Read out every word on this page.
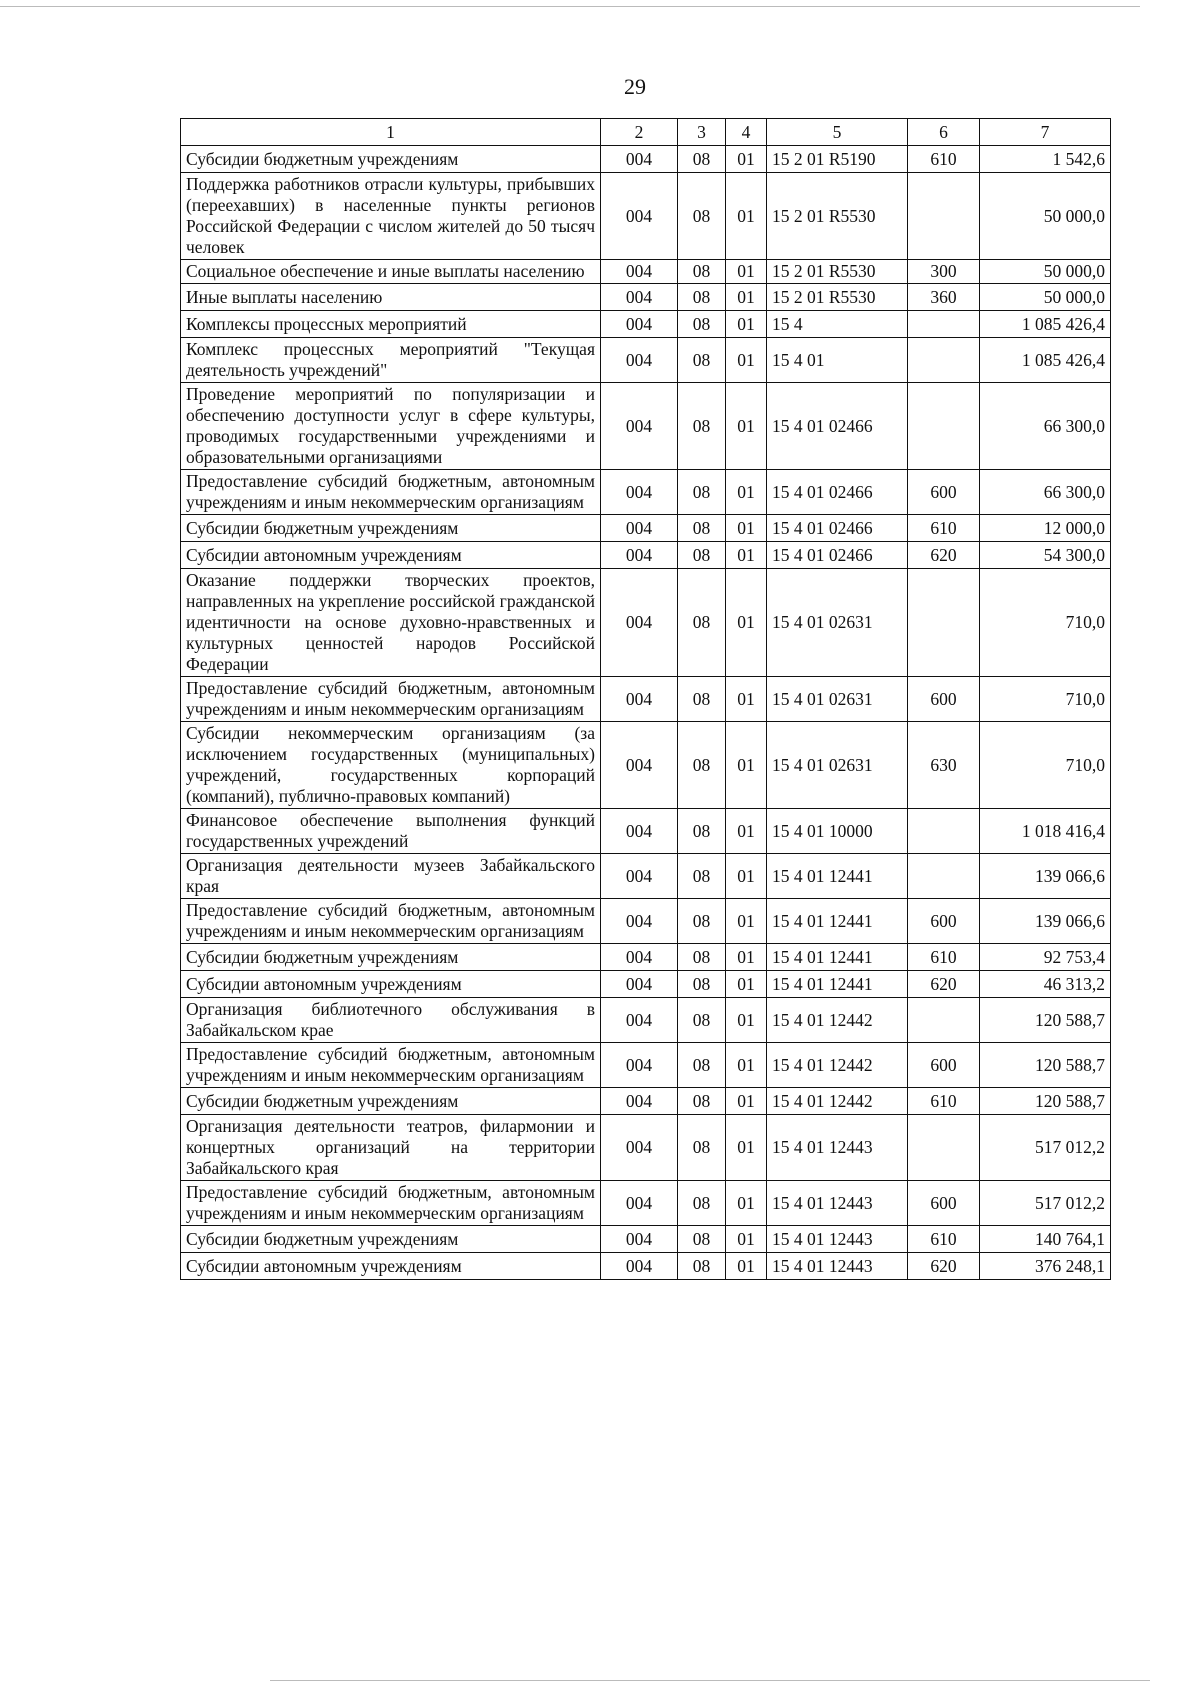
29
1	2	3	4	5	6	7
Субсидии бюджетным учреждениям	004	08	01	15 2 01 R5190	610	1 542,6
Поддержка работников отрасли культуры, прибывших (переехавших) в населенные пункты регионов Российской Федерации с числом жителей до 50 тысяч человек	004	08	01	15 2 01 R5530		50 000,0
Социальное обеспечение и иные выплаты населению	004	08	01	15 2 01 R5530	300	50 000,0
Иные выплаты населению	004	08	01	15 2 01 R5530	360	50 000,0
Комплексы процессных мероприятий	004	08	01	15 4		1 085 426,4
Комплекс процессных мероприятий "Текущая деятельность учреждений"	004	08	01	15 4 01		1 085 426,4
Проведение мероприятий по популяризации и обеспечению доступности услуг в сфере культуры, проводимых государственными учреждениями и образовательными организациями	004	08	01	15 4 01 02466		66 300,0
Предоставление субсидий бюджетным, автономным учреждениям и иным некоммерческим организациям	004	08	01	15 4 01 02466	600	66 300,0
Субсидии бюджетным учреждениям	004	08	01	15 4 01 02466	610	12 000,0
Субсидии автономным учреждениям	004	08	01	15 4 01 02466	620	54 300,0
Оказание поддержки творческих проектов, направленных на укрепление российской гражданской идентичности на основе духовно-нравственных и культурных ценностей народов Российской Федерации	004	08	01	15 4 01 02631		710,0
Предоставление субсидий бюджетным, автономным учреждениям и иным некоммерческим организациям	004	08	01	15 4 01 02631	600	710,0
Субсидии некоммерческим организациям (за исключением государственных (муниципальных) учреждений, государственных корпораций (компаний), публично-правовых компаний)	004	08	01	15 4 01 02631	630	710,0
Финансовое обеспечение выполнения функций государственных учреждений	004	08	01	15 4 01 10000		1 018 416,4
Организация деятельности музеев Забайкальского края	004	08	01	15 4 01 12441		139 066,6
Предоставление субсидий бюджетным, автономным учреждениям и иным некоммерческим организациям	004	08	01	15 4 01 12441	600	139 066,6
Субсидии бюджетным учреждениям	004	08	01	15 4 01 12441	610	92 753,4
Субсидии автономным учреждениям	004	08	01	15 4 01 12441	620	46 313,2
Организация библиотечного обслуживания в Забайкальском крае	004	08	01	15 4 01 12442		120 588,7
Предоставление субсидий бюджетным, автономным учреждениям и иным некоммерческим организациям	004	08	01	15 4 01 12442	600	120 588,7
Субсидии бюджетным учреждениям	004	08	01	15 4 01 12442	610	120 588,7
Организация деятельности театров, филармонии и концертных организаций на территории Забайкальского края	004	08	01	15 4 01 12443		517 012,2
Предоставление субсидий бюджетным, автономным учреждениям и иным некоммерческим организациям	004	08	01	15 4 01 12443	600	517 012,2
Субсидии бюджетным учреждениям	004	08	01	15 4 01 12443	610	140 764,1
Субсидии автономным учреждениям	004	08	01	15 4 01 12443	620	376 248,1
